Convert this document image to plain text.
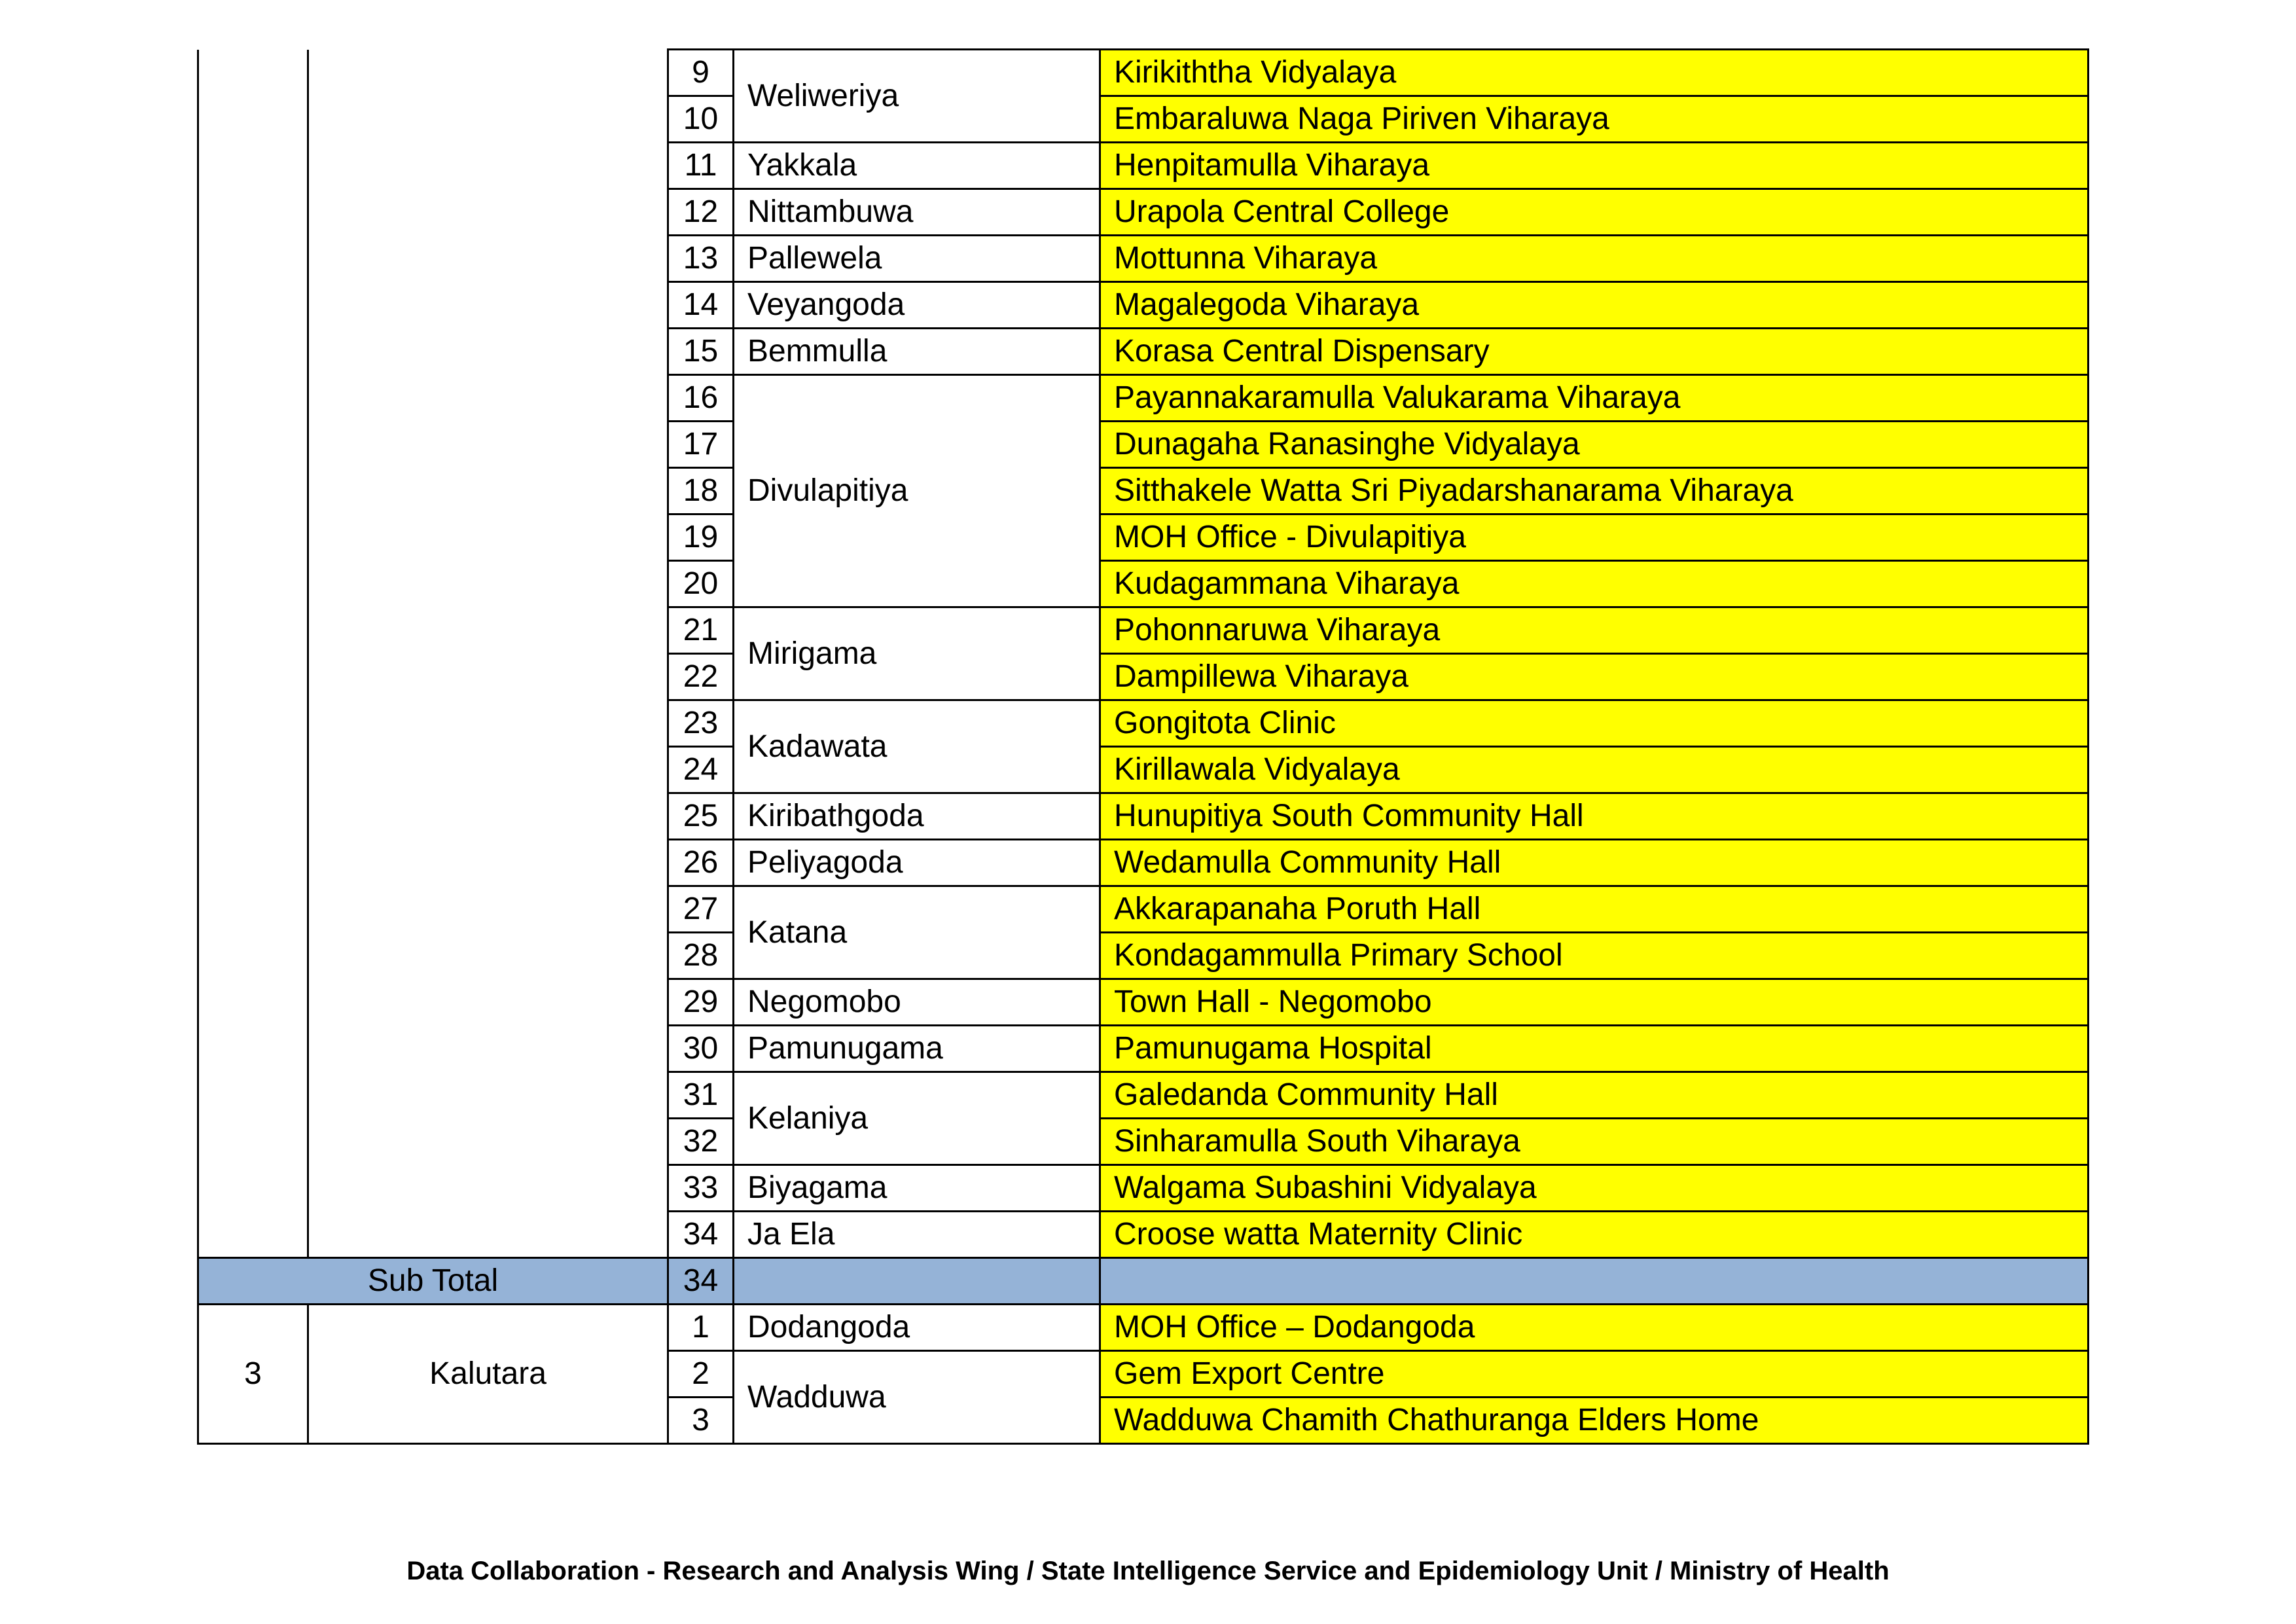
		9	Weliweriya	Kirikiththa Vidyalaya
		10		Embaraluwa Naga Piriven Viharaya
		11	Yakkala	Henpitamulla Viharaya
		12	Nittambuwa	Urapola Central College
		13	Pallewela	Mottunna Viharaya
		14	Veyangoda	Magalegoda Viharaya
		15	Bemmulla	Korasa Central Dispensary
		16	Divulapitiya	Payannakaramulla Valukarama Viharaya
		17		Dunagaha Ranasinghe Vidyalaya
		18		Sitthakele Watta Sri Piyadarshanarama Viharaya
		19		MOH Office - Divulapitiya
		20		Kudagammana Viharaya
		21	Mirigama	Pohonnaruwa Viharaya
		22		Dampillewa Viharaya
		23	Kadawata	Gongitota Clinic
		24		Kirillawala Vidyalaya
		25	Kiribathgoda	Hunupitiya South Community Hall
		26	Peliyagoda	Wedamulla Community Hall
		27	Katana	Akkarapanaha Poruth Hall
		28		Kondagammulla Primary School
		29	Negomobo	Town Hall - Negomobo
		30	Pamunugama	Pamunugama Hospital
		31	Kelaniya	Galedanda Community Hall
		32		Sinharamulla South Viharaya
		33	Biyagama	Walgama Subashini Vidyalaya
		34	Ja Ela	Croose watta Maternity Clinic
Sub Total		34		
3	Kalutara	1	Dodangoda	MOH Office – Dodangoda
		2	Wadduwa	Gem Export Centre
		3		Wadduwa Chamith Chathuranga Elders Home
Data Collaboration - Research and Analysis Wing / State Intelligence Service and Epidemiology Unit / Ministry of Health
